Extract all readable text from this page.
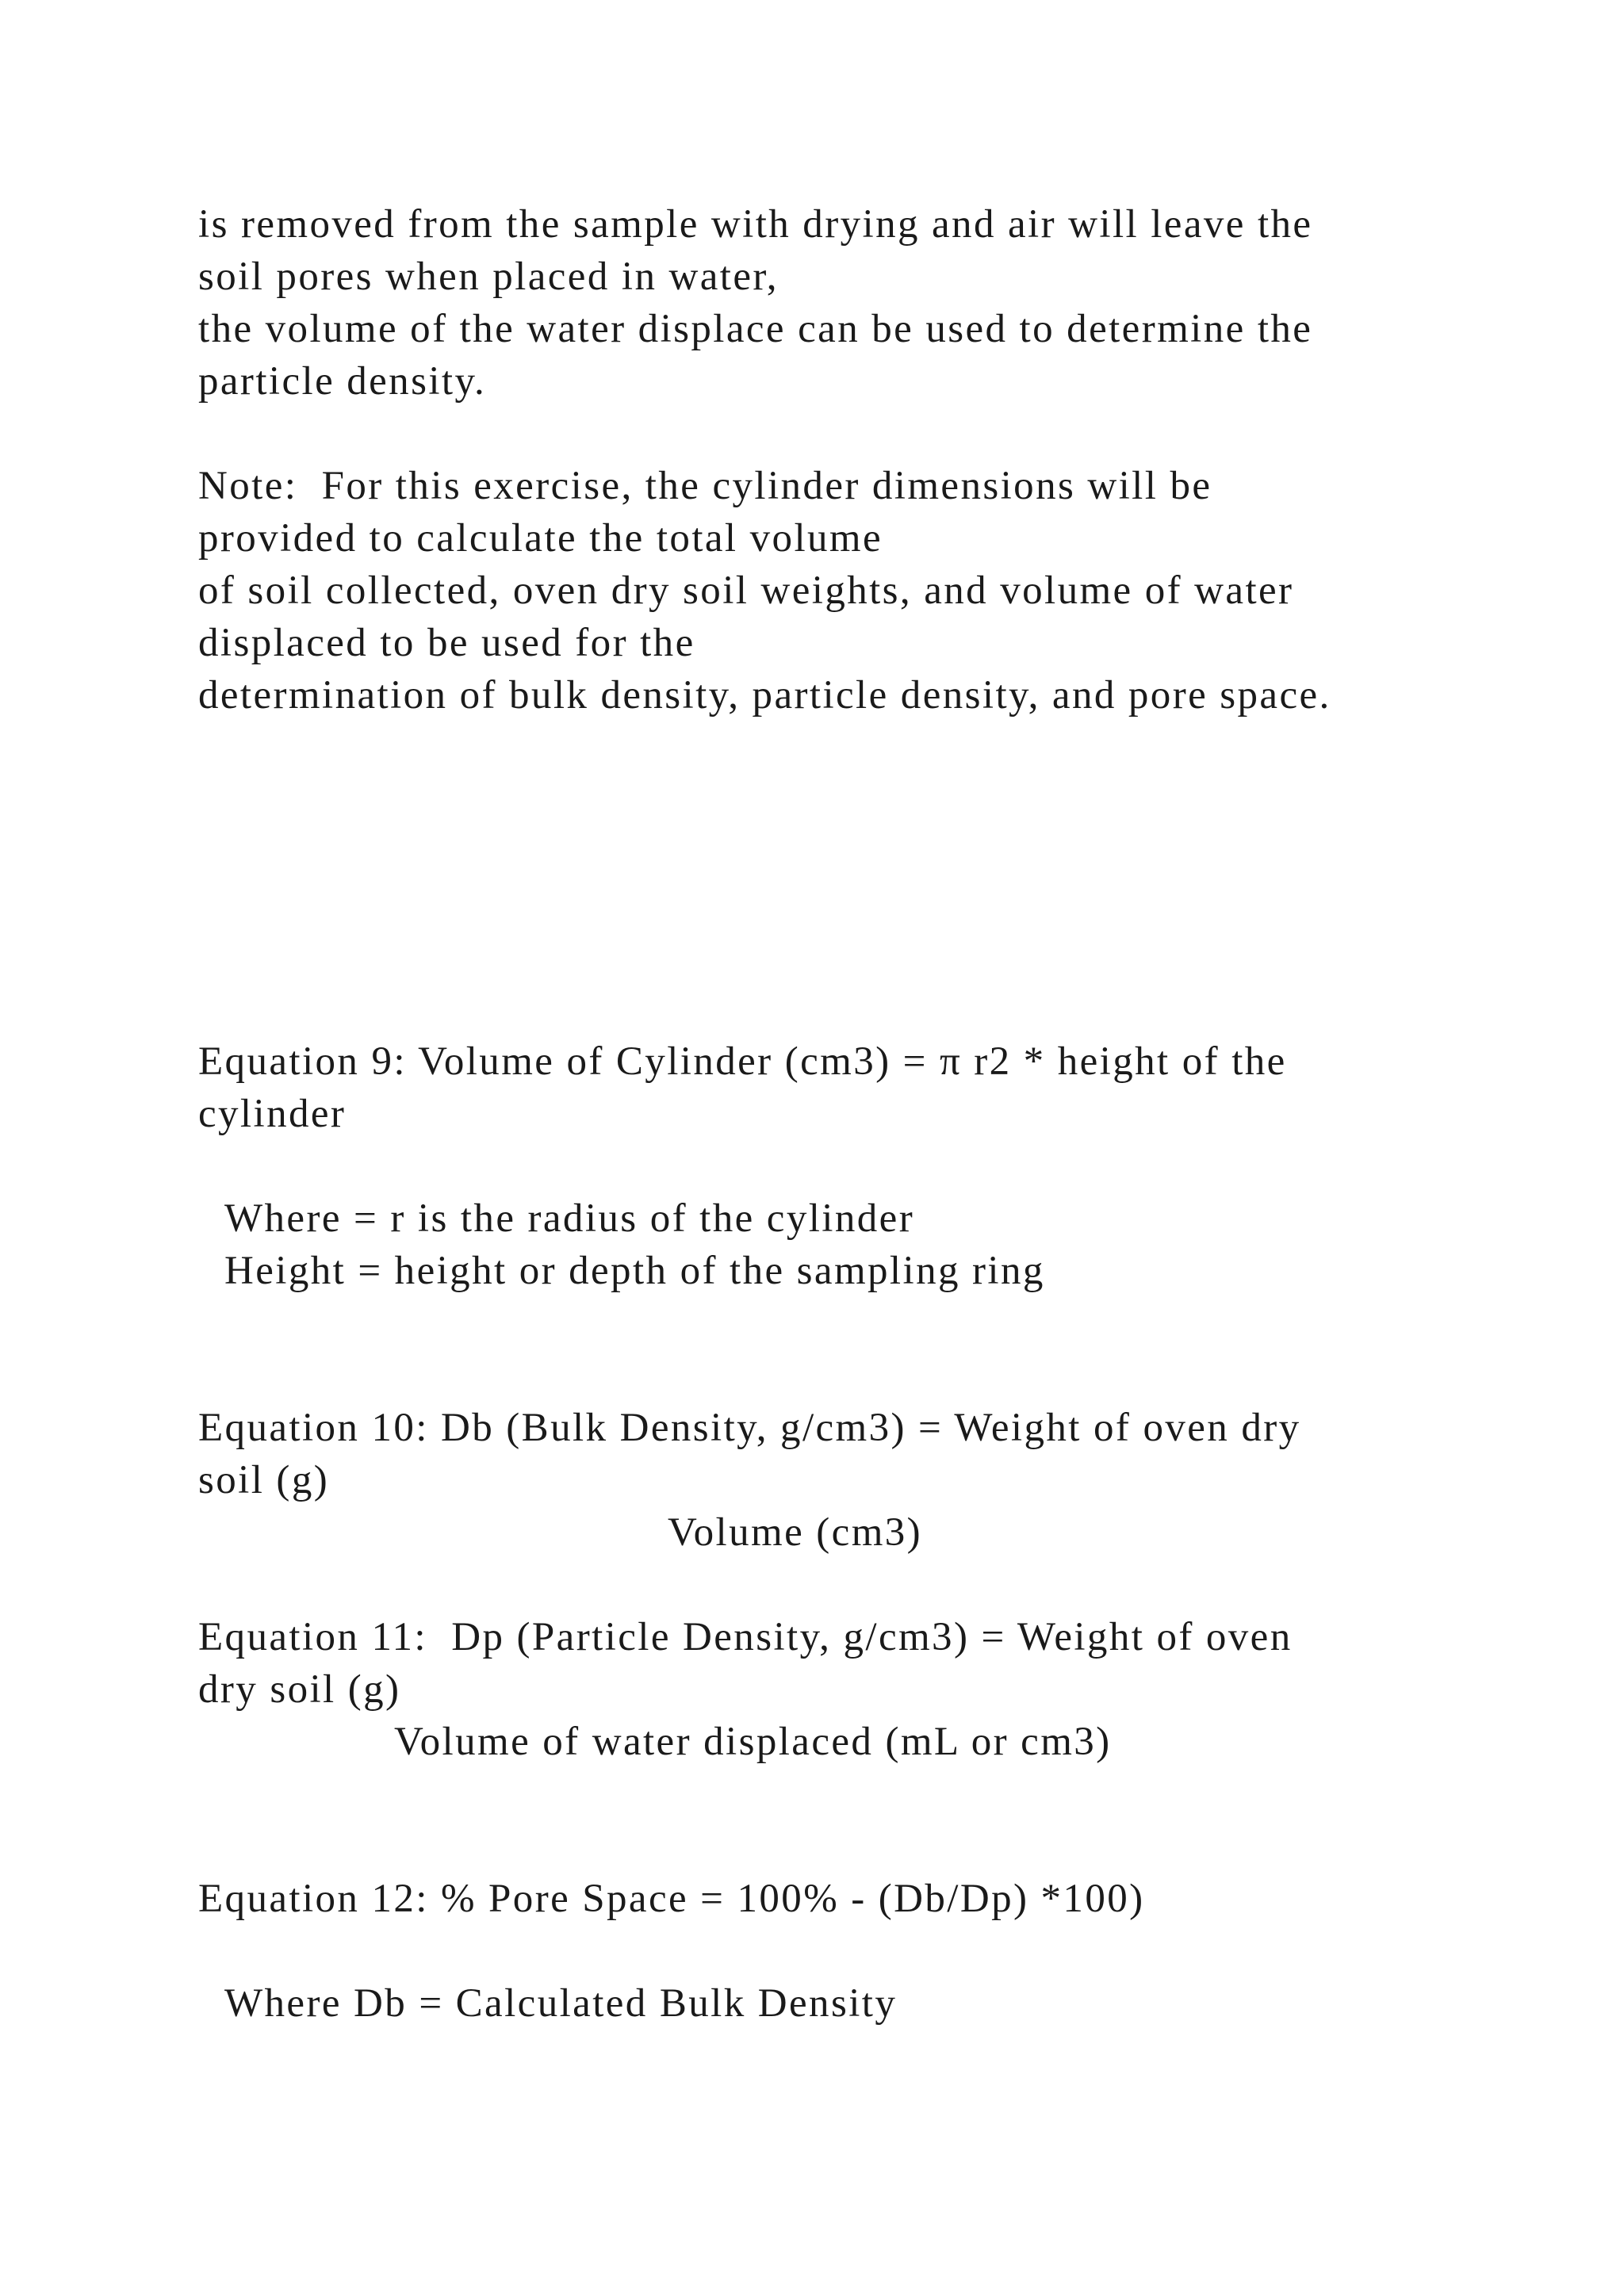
is removed from the sample with drying and air will leave the
soil pores when placed in water,
the volume of the water displace can be used to determine the
particle density.
Note:  For this exercise, the cylinder dimensions will be
provided to calculate the total volume
of soil collected, oven dry soil weights, and volume of water
displaced to be used for the
determination of bulk density, particle density, and pore space.
Equation 9: Volume of Cylinder (cm3) = π r2 * height of the
cylinder
Where = r is the radius of the cylinder
Height = height or depth of the sampling ring
Equation 10: Db (Bulk Density, g/cm3) = Weight of oven dry
soil (g)
Volume (cm3)
Equation 11:  Dp (Particle Density, g/cm3) = Weight of oven
dry soil (g)
Volume of water displaced (mL or cm3)
Equation 12: % Pore Space = 100% - (Db/Dp) *100)
Where Db = Calculated Bulk Density
